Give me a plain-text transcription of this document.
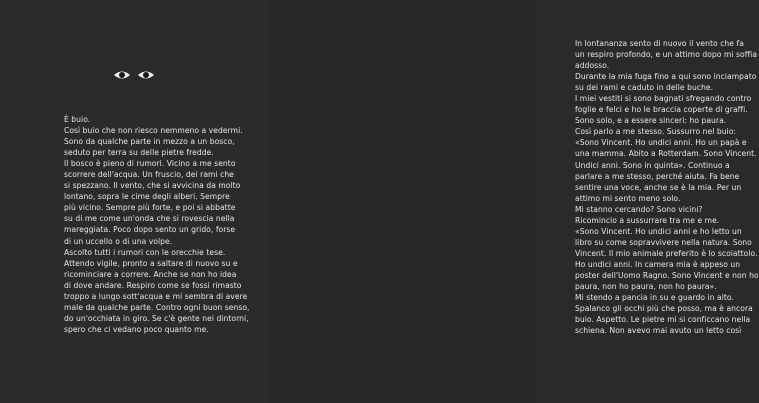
È buio.
Così buio che non riesco nemmeno a vedermi.
Sono da qualche parte in mezzo a un bosco,
seduto per terra su delle pietre fredde.
Il bosco è pieno di rumori. Vicino a me sento
scorrere dell'acqua. Un fruscio, dei rami che
si spezzano. Il vento, che si avvicina da molto
lontano, sopra le cime degli alberi. Sempre
più vicino. Sempre più forte, e poi si abbatte
su di me come un'onda che si rovescia nella
mareggiata. Poco dopo sento un grido, forse
di un uccello o di una volpe.
Ascolto tutti i rumori con le orecchie tese.
Attendo vigile, pronto a saltare di nuovo su e
ricominciare a correre. Anche se non ho idea
di dove andare. Respiro come se fossi rimasto
troppo a lungo sott'acqua e mi sembra di avere
male da qualche parte. Contro ogni buon senso,
do un'occhiata in giro. Se c'è gente nei dintorni,
spero che ci vedano poco quanto me.
In lontananza sento di nuovo il vento che fa
un respiro profondo, e un attimo dopo mi soffia
addosso.
Durante la mia fuga fino a qui sono inciampato
su dei rami e caduto in delle buche.
I miei vestiti si sono bagnati sfregando contro
foglie e felci e ho le braccia coperte di graffi.
Sono solo, e a essere sinceri: ho paura.
Così parlo a me stesso. Sussurro nel buio:
«Sono Vincent. Ho undici anni. Ho un papà e
una mamma. Abito a Rotterdam. Sono Vincent.
Undici anni. Sono in quinta». Continuo a
parlare a me stesso, perché aiuta. Fa bene
sentire una voce, anche se è la mia. Per un
attimo mi sento meno solo.
Mi stanno cercando? Sono vicini?
Ricomincio a sussurrare tra me e me.
«Sono Vincent. Ho undici anni e ho letto un
libro su come sopravvivere nella natura. Sono
Vincent. Il mio animale preferito è lo scoiattolo.
Ho undici anni. In camera mia è appeso un
poster dell'Uomo Ragno. Sono Vincent e non ho
paura, non ho paura, non ho paura».
Mi stendo a pancia in su e guardo in alto.
Spalanco gli occhi più che posso, ma è ancora
buio. Aspetto. Le pietre mi si conficcano nella
schiena. Non avevo mai avuto un letto così
